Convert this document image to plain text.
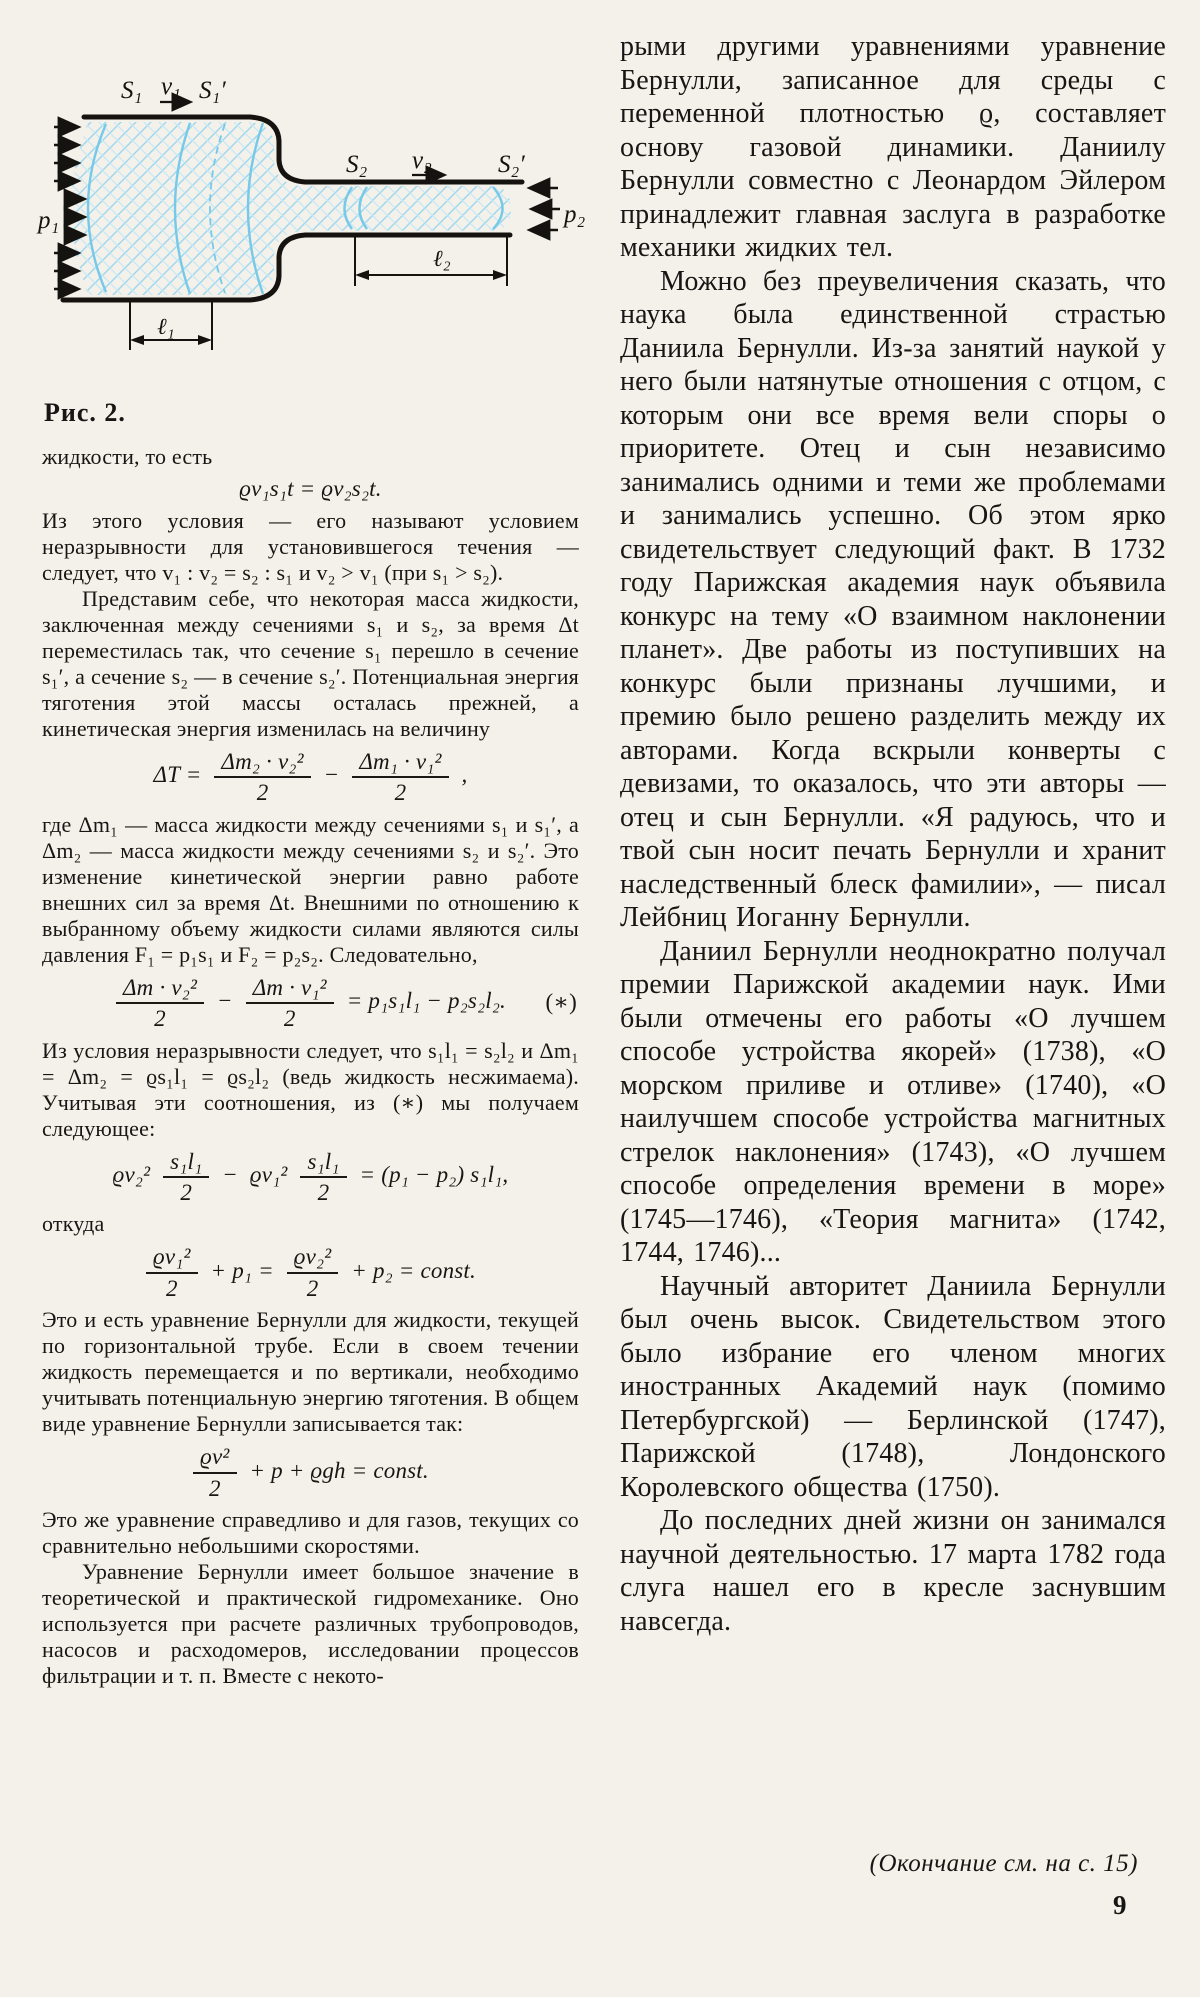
S₁ v₁ S₁′
S₂ v₂	S₂′
p₁	p₂
ℓ₂
ℓ₁
Рис. 2.

жидкости, то есть

ϱv₁s₁t = ϱv₂s₂t.

Из этого условия — его называют условием неразрывности для установившегося течения — следует, что v₁ : v₂ = s₂ : s₁ и v₂ > v₁ (при s₁ > s₂).

Представим себе, что некоторая масса жидкости, заключенная между сечениями s₁ и s₂, за время Δt переместилась так, что сечение s₁ перешло в сечение s₁′, а сечение s₂ — в сечение s₂′. Потенциальная энергия тяготения этой массы осталась прежней, а кинетическая энергия изменилась на величину

$\Delta T = \frac{\text{Δm₂ · v₂²}}{2} - \frac{\text{Δm₁ · v₁²}}{2}$ ,

где Δm₁ — масса жидкости между сечениями s₁ и s₁′, а Δm₂ — масса жидкости между сечениями s₂ и s₂′. Это изменение кинетической энергии равно работе внешних сил за время Δt. Внешними по отношению к выбранному объему жидкости силами являются силы давления F₁ = p₁s₁ и F₂ = p₂s₂. Следовательно,

$\frac{\text{Δm · v₂²}}{2} - \frac{\text{Δm · v₁²}}{2} = p_1s_1l_1 - p_2s_2l_2$. (∗)

Из условия неразрывности следует, что s₁l₁ = s₂l₂ и Δm₁ = Δm₂ = ϱs₁l₁ = ϱs₂l₂ (ведь жидкость несжимаема). Учитывая эти соотношения, из (∗) мы получаем следующее:

$ϱv_2^2 \frac{\text{s₁l₁}}{2} - ϱv_1^2 \frac{\text{s₁l₁}}{2} = (p_1 - p_2)$ s₁l₁,

откуда

$\frac{\text{ϱv₁²}}{2} + p_1 = \frac{\text{ϱv₂²}}{2} + p_2$ = const.

Это и есть уравнение Бернулли для жидкости, текущей по горизонтальной трубе. Если в своем течении жидкость перемещается и по вертикали, необходимо учитывать потенциальную энергию тяготения. В общем виде уравнение Бернулли записывается так:

$\frac{\text{ϱv²}}{2} + p + ϱgh$ = const.

Это же уравнение справедливо и для газов, текущих со сравнительно небольшими скоростями.

Уравнение Бернулли имеет большое значение в теоретической и практической гидромеханике. Оно используется при расчете различных трубопроводов, насосов и расходомеров, исследовании процессов фильтрации и т. п. Вместе с некото-

рыми другими уравнениями уравнение Бернулли, записанное для среды с переменной плотностью ϱ, составляет основу газовой динамики. Даниилу Бернулли совместно с Леонардом Эйлером принадлежит главная заслуга в разработке механики жидких тел.

Можно без преувеличения сказать, что наука была единственной страстью Даниила Бернулли. Из-за занятий наукой у него были натянутые отношения с отцом, с которым они все время вели споры о приоритете. Отец и сын независимо занимались одними и теми же проблемами и занимались успешно. Об этом ярко свидетельствует следующий факт. В 1732 году Парижская академия наук объявила конкурс на тему «О взаимном наклонении планет». Две работы из поступивших на конкурс были признаны лучшими, и премию было решено разделить между их авторами. Когда вскрыли конверты с девизами, то оказалось, что эти авторы — отец и сын Бернулли. «Я радуюсь, что и твой сын носит печать Бернулли и хранит наследственный блеск фамилии», — писал Лейбниц Иоганну Бернулли.

Даниил Бернулли неоднократно получал премии Парижской академии наук. Ими были отмечены его работы «О лучшем способе устройства якорей» (1738), «О морском приливе и отливе» (1740), «О наилучшем способе устройства магнитных стрелок наклонения» (1743), «О лучшем способе определения времени в море» (1745—1746), «Теория магнита» (1742, 1744, 1746)...

Научный авторитет Даниила Бернулли был очень высок. Свидетельством этого было избрание его членом многих иностранных Академий наук (помимо Петербургской) — Берлинской (1747), Парижской (1748), Лондонского Королевского общества (1750).

До последних дней жизни он занимался научной деятельностью. 17 марта 1782 года слуга нашел его в кресле заснувшим навсегда.

(Окончание см. на с. 15)
9
